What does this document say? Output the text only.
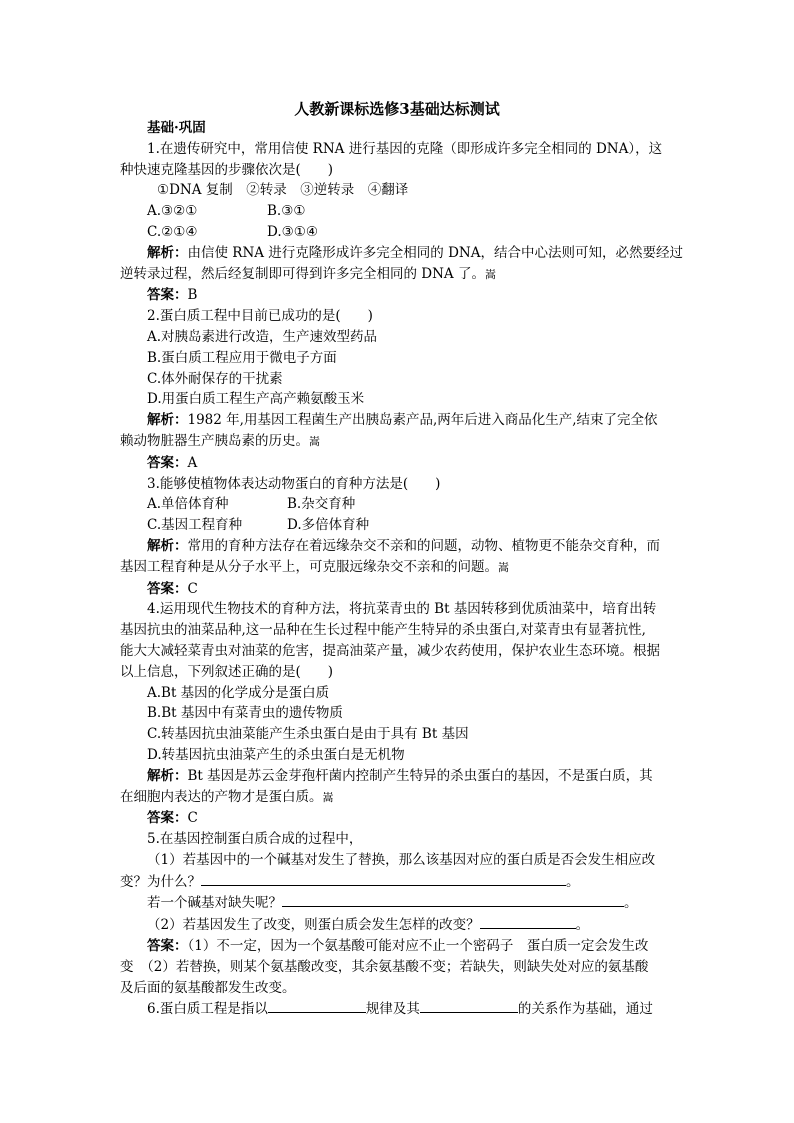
人教新课标选修3基础达标测试
基础·巩固
1.在遗传研究中，常用信使 RNA 进行基因的克隆（即形成许多完全相同的 DNA），这
种快速克隆基因的步骤依次是(　　)
①DNA 复制　②转录　③逆转录　④翻译
A.③②①	B.③①
C.②①④	D.③①④
解析：由信使 RNA 进行克隆形成许多完全相同的 DNA，结合中心法则可知，必然要经过
逆转录过程，然后经复制即可得到许多完全相同的 DNA 了。嵩
答案：B
2.蛋白质工程中目前已成功的是(　　)
A.对胰岛素进行改造，生产速效型药品
B.蛋白质工程应用于微电子方面
C.体外耐保存的干扰素
D.用蛋白质工程生产高产赖氨酸玉米
解析：1982 年,用基因工程菌生产出胰岛素产品,两年后进入商品化生产,结束了完全依
赖动物脏器生产胰岛素的历史。嵩
答案：A
3.能够使植物体表达动物蛋白的育种方法是(　　)
A.单倍体育种	B.杂交育种
C.基因工程育种	D.多倍体育种
解析：常用的育种方法存在着远缘杂交不亲和的问题，动物、植物更不能杂交育种，而
基因工程育种是从分子水平上，可克服远缘杂交不亲和的问题。嵩
答案：C
4.运用现代生物技术的育种方法，将抗菜青虫的 Bt 基因转移到优质油菜中，培育出转
基因抗虫的油菜品种,这一品种在生长过程中能产生特异的杀虫蛋白,对菜青虫有显著抗性,
能大大减轻菜青虫对油菜的危害，提高油菜产量，减少农药使用，保护农业生态环境。根据
以上信息，下列叙述正确的是(　　)
A.Bt 基因的化学成分是蛋白质
B.Bt 基因中有菜青虫的遗传物质
C.转基因抗虫油菜能产生杀虫蛋白是由于具有 Bt 基因
D.转基因抗虫油菜产生的杀虫蛋白是无机物
解析：Bt 基因是苏云金芽孢杆菌内控制产生特异的杀虫蛋白的基因，不是蛋白质，其
在细胞内表达的产物才是蛋白质。嵩
答案：C
5.在基因控制蛋白质合成的过程中，
（1）若基因中的一个碱基对发生了替换，那么该基因对应的蛋白质是否会发生相应改
变？为什么？	。
若一个碱基对缺失呢？	。
（2）若基因发生了改变，则蛋白质会发生怎样的改变？	。
答案：（1）不一定，因为一个氨基酸可能对应不止一个密码子　蛋白质一定会发生改
变　（2）若替换，则某个氨基酸改变，其余氨基酸不变；若缺失，则缺失处对应的氨基酸
及后面的氨基酸都发生改变。
6.蛋白质工程是指以	规律及其	的关系作为基础，通过
